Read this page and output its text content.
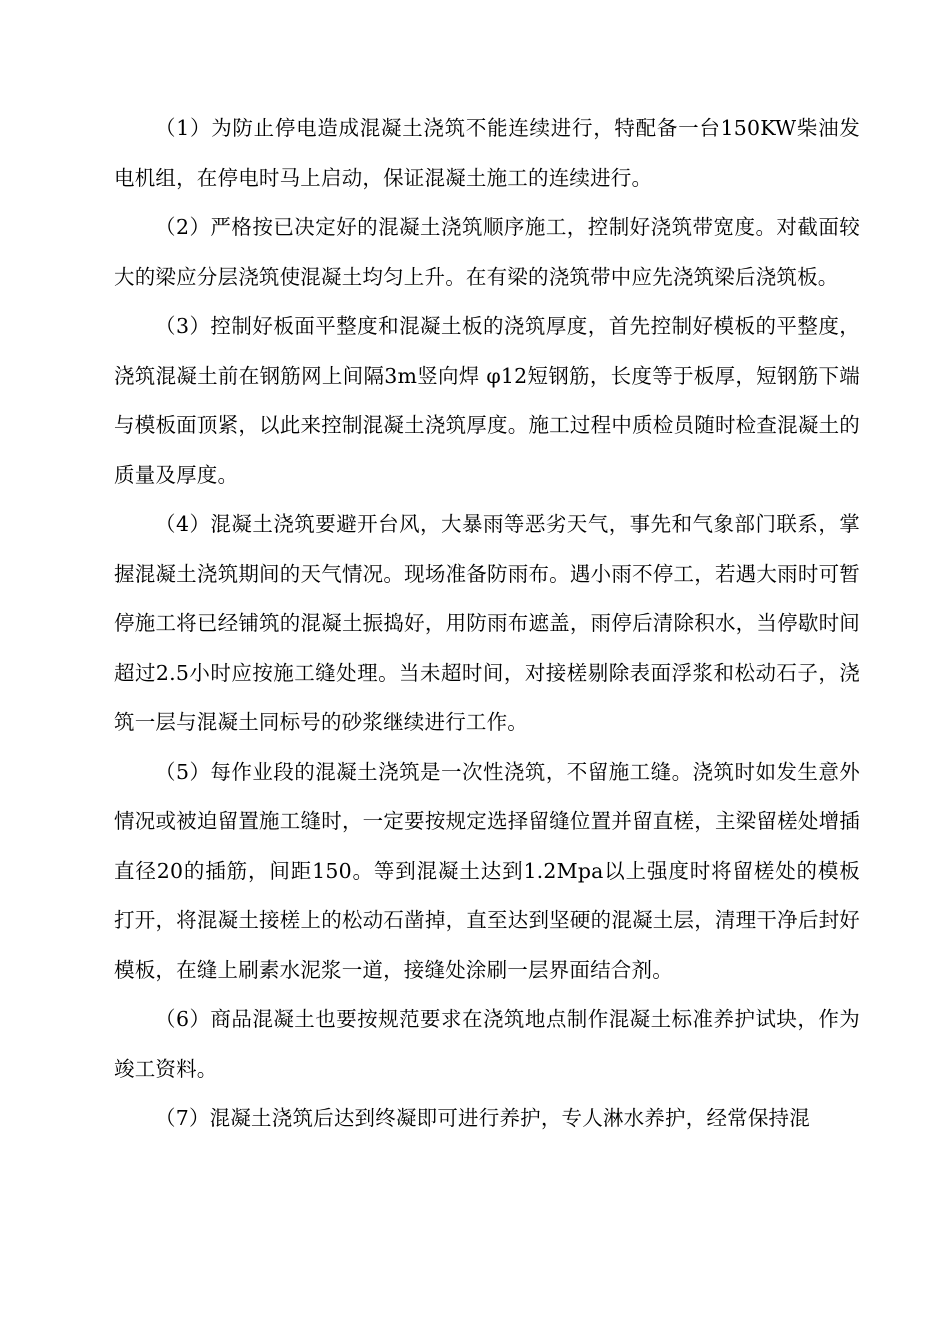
（1）为防止停电造成混凝土浇筑不能连续进行，特配备一台150KW柴油发电机组，在停电时马上启动，保证混凝土施工的连续进行。

（2）严格按已决定好的混凝土浇筑顺序施工，控制好浇筑带宽度。对截面较大的梁应分层浇筑使混凝土均匀上升。在有梁的浇筑带中应先浇筑梁后浇筑板。

（3）控制好板面平整度和混凝土板的浇筑厚度，首先控制好模板的平整度，浇筑混凝土前在钢筋网上间隔3m竖向焊 φ12短钢筋，长度等于板厚，短钢筋下端与模板面顶紧，以此来控制混凝土浇筑厚度。施工过程中质检员随时检查混凝土的质量及厚度。

（4）混凝土浇筑要避开台风，大暴雨等恶劣天气，事先和气象部门联系，掌握混凝土浇筑期间的天气情况。现场准备防雨布。遇小雨不停工，若遇大雨时可暂停施工将已经铺筑的混凝土振捣好，用防雨布遮盖，雨停后清除积水，当停歇时间超过2.5小时应按施工缝处理。当未超时间，对接槎剔除表面浮浆和松动石子，浇筑一层与混凝土同标号的砂浆继续进行工作。

（5）每作业段的混凝土浇筑是一次性浇筑，不留施工缝。浇筑时如发生意外情况或被迫留置施工缝时，一定要按规定选择留缝位置并留直槎，主梁留槎处增插直径20的插筋，间距150。等到混凝土达到1.2Mpa以上强度时将留槎处的模板打开，将混凝土接槎上的松动石凿掉，直至达到坚硬的混凝土层，清理干净后封好模板，在缝上刷素水泥浆一道，接缝处涂刷一层界面结合剂。

（6）商品混凝土也要按规范要求在浇筑地点制作混凝土标准养护试块，作为竣工资料。

（7）混凝土浇筑后达到终凝即可进行养护，专人淋水养护，经常保持混
